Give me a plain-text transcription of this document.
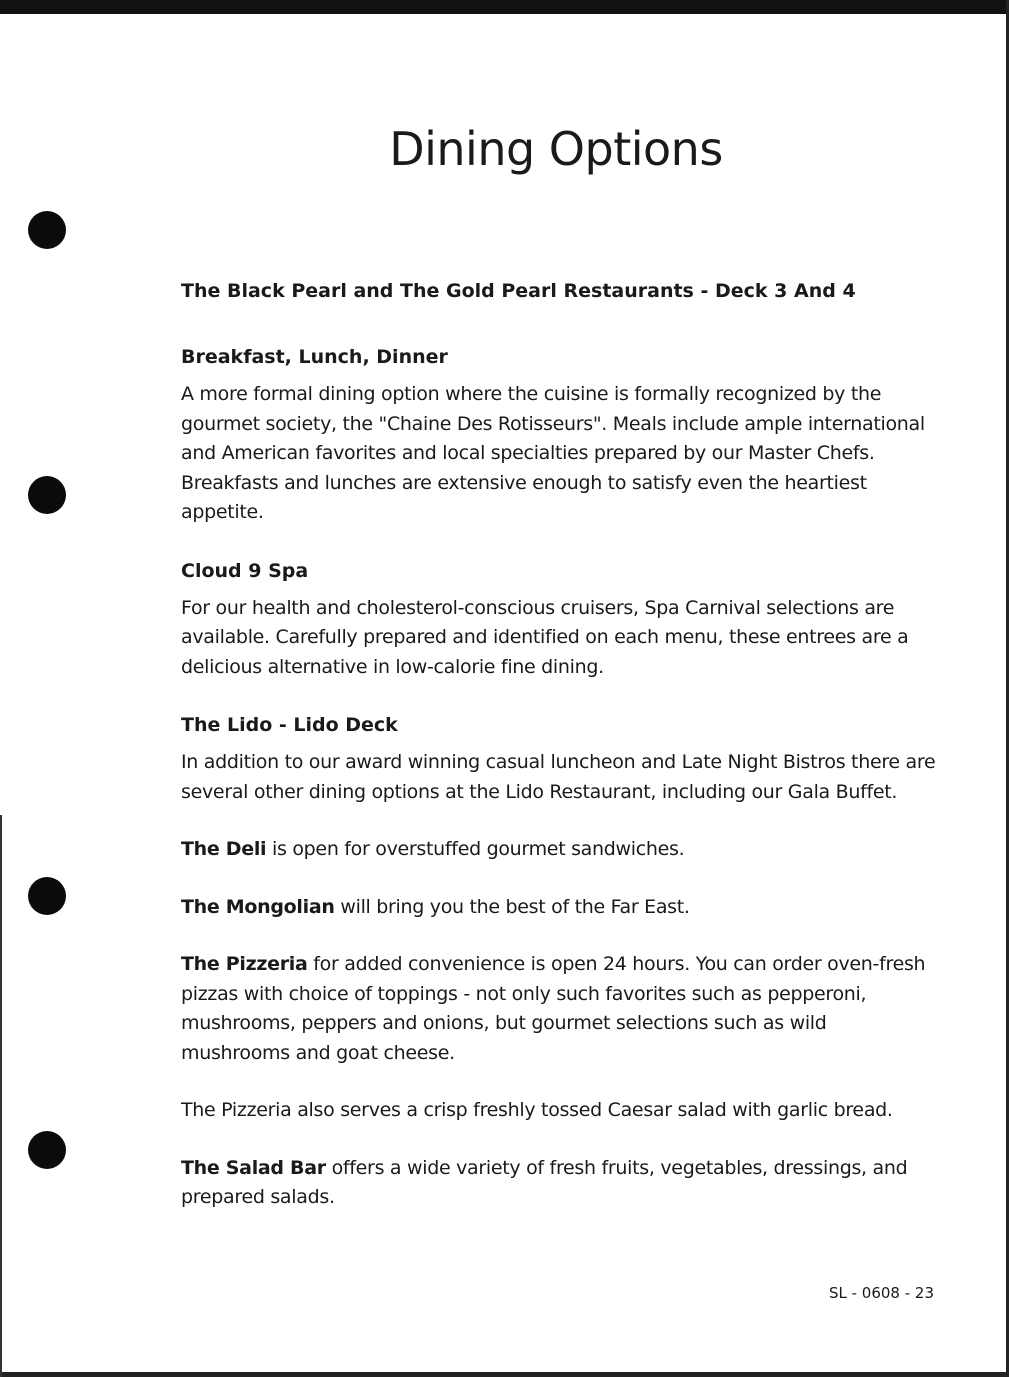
Dining Options
The Black Pearl and The Gold Pearl Restaurants - Deck 3 And 4
Breakfast, Lunch, Dinner

A more formal dining option where the cuisine is formally recognized by the gourmet society, the "Chaine Des Rotisseurs". Meals include ample international and American favorites and local specialties prepared by our Master Chefs. Breakfasts and lunches are extensive enough to satisfy even the heartiest appetite.

Cloud 9 Spa

For our health and cholesterol-conscious cruisers, Spa Carnival selections are available. Carefully prepared and identified on each menu, these entrees are a delicious alternative in low-calorie fine dining.

The Lido - Lido Deck

In addition to our award winning casual luncheon and Late Night Bistros there are several other dining options at the Lido Restaurant, including our Gala Buffet.

The Deli is open for overstuffed gourmet sandwiches.

The Mongolian will bring you the best of the Far East.

The Pizzeria for added convenience is open 24 hours. You can order oven-fresh pizzas with choice of toppings - not only such favorites such as pepperoni, mushrooms, peppers and onions, but gourmet selections such as wild mushrooms and goat cheese.

The Pizzeria also serves a crisp freshly tossed Caesar salad with garlic bread.

The Salad Bar offers a wide variety of fresh fruits, vegetables, dressings, and prepared salads.

SL - 0608 - 23
